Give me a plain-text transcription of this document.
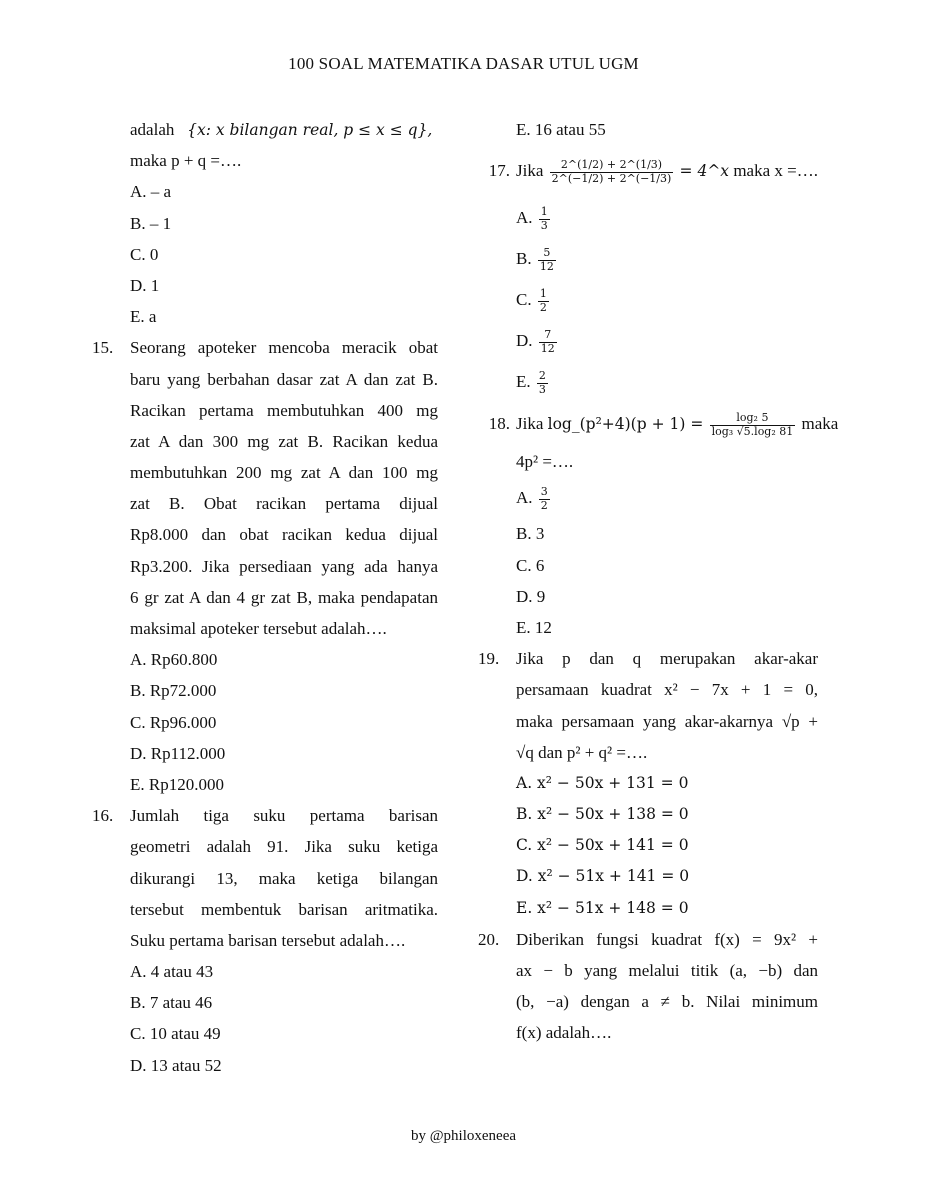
100 SOAL MATEMATIKA DASAR UTUL UGM
adalah {x: x bilangan real, p ≤ x ≤ q},
maka p + q =….
A. – a
B. – 1
C. 0
D. 1
E. a
15. Seorang apoteker mencoba meracik obat
baru yang berbahan dasar zat A dan zat B.
Racikan pertama membutuhkan 400 mg
zat A dan 300 mg zat B. Racikan kedua
membutuhkan 200 mg zat A dan 100 mg
zat B. Obat racikan pertama dijual
Rp8.000 dan obat racikan kedua dijual
Rp3.200. Jika persediaan yang ada hanya
6 gr zat A dan 4 gr zat B, maka pendapatan
maksimal apoteker tersebut adalah….
A. Rp60.800
B. Rp72.000
C. Rp96.000
D. Rp112.000
E. Rp120.000
16. Jumlah tiga suku pertama barisan
geometri adalah 91. Jika suku ketiga
dikurangi 13, maka ketiga bilangan
tersebut membentuk barisan aritmatika.
Suku pertama barisan tersebut adalah….
A. 4 atau 43
B. 7 atau 46
C. 10 atau 49
D. 13 atau 52
E. 16 atau 55
17. Jika $\frac{2\^{}(1/2) + 2\^{}(1/3)}{2\^{}(-1/2) + 2\^{}(-1/3)}$ = 4^x maka x =….
A. $\frac{1}{3}$
B. $\frac{5}{12}$
C. $\frac{1}{2}$
D. $\frac{7}{12}$
E. $\frac{2}{3}$
18. Jika log_(p²+4)(p + $1) = \frac{\text{log₂ 5}}{\text{log₃ √5.log₂ 81}}$ maka
4p² =….
A. $\frac{3}{2}$
B. 3
C. 6
D. 9
E. 12
19. Jika p dan q merupakan akar-akar
persamaan kuadrat x² − 7x + 1 = 0,
maka persamaan yang akar-akarnya √p +
√q dan p² + q² =….
A. x² − 50x + 131 = 0
B. x² − 50x + 138 = 0
C. x² − 50x + 141 = 0
D. x² − 51x + 141 = 0
E. x² − 51x + 148 = 0
20. Diberikan fungsi kuadrat f(x) = 9x² +
ax − b yang melalui titik (a, −b) dan
(b, −a) dengan a ≠ b. Nilai minimum
f(x) adalah….
by @philoxeneea
